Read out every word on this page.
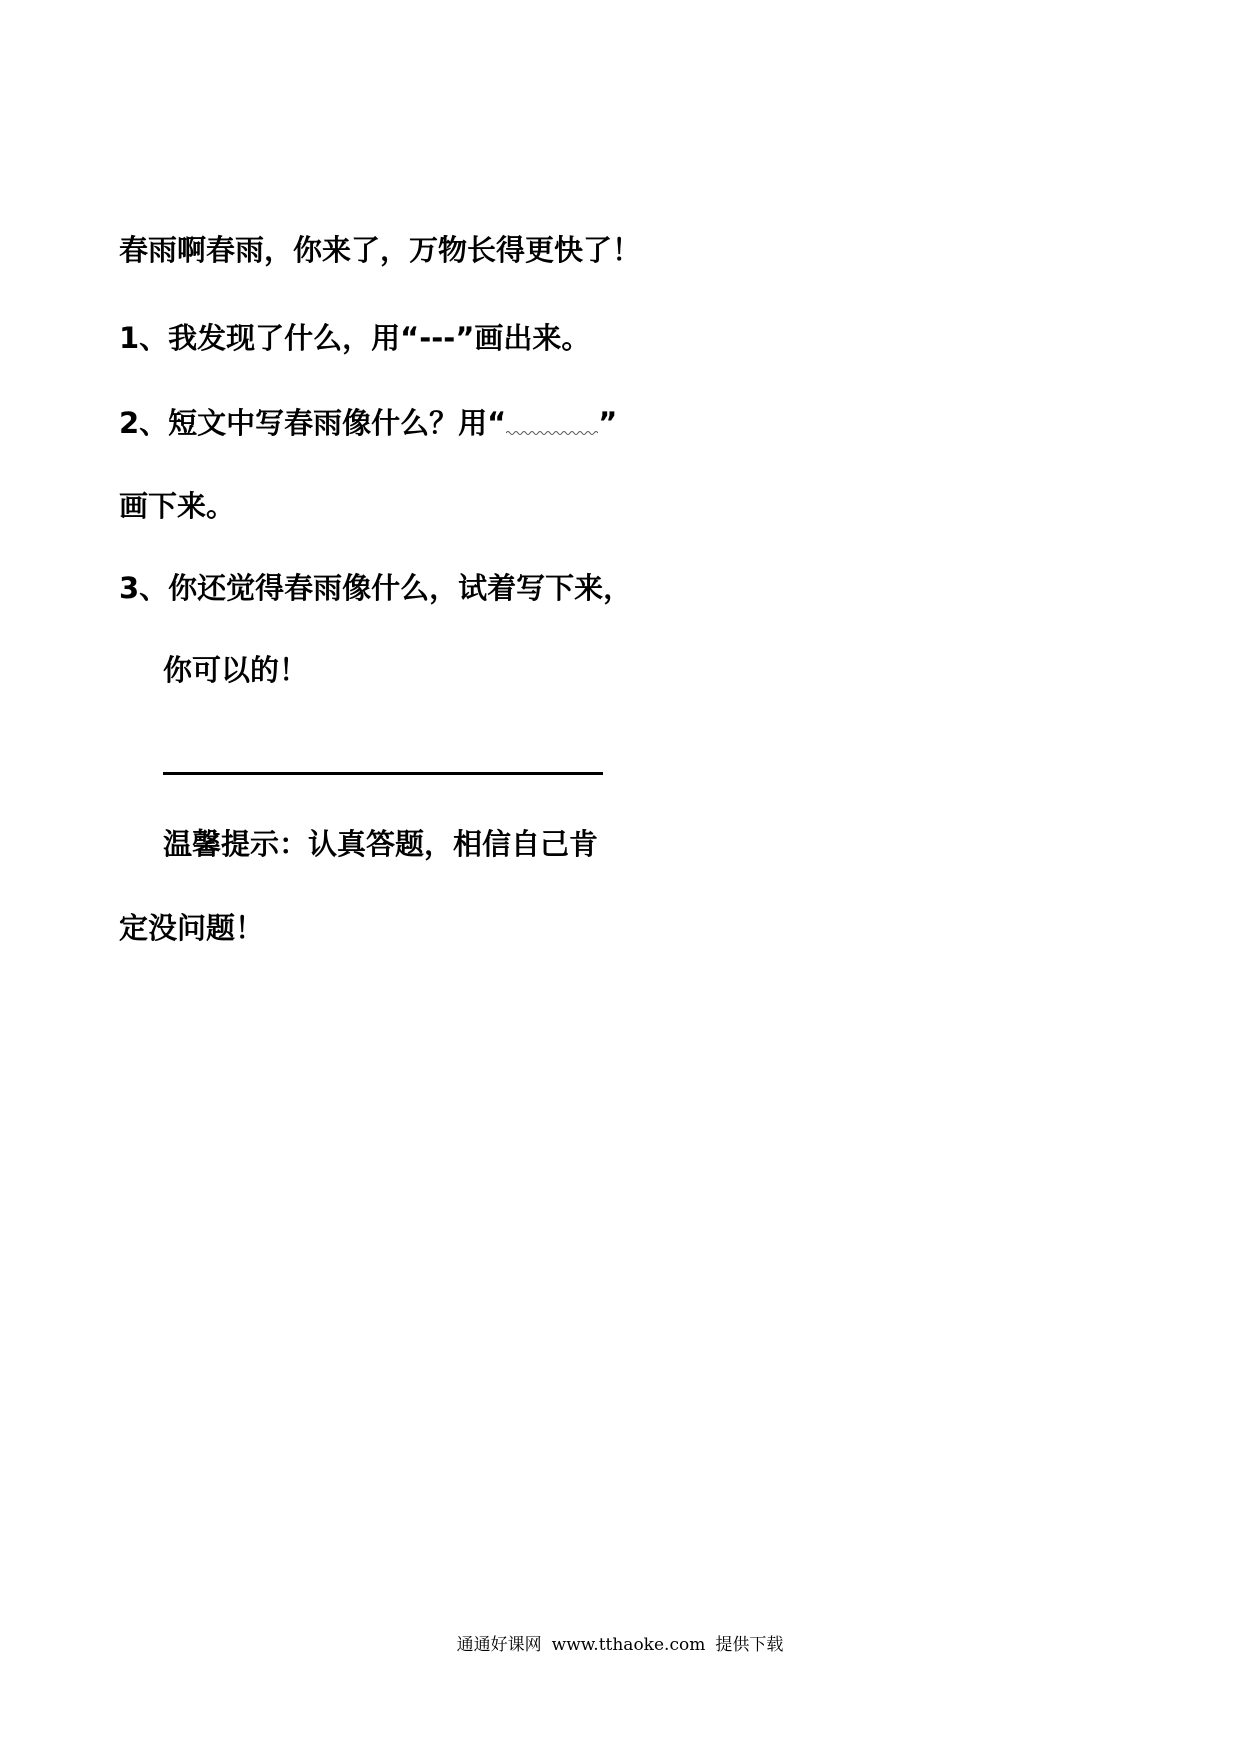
春雨啊春雨，你来了，万物长得更快了！

1、我发现了什么，用“---”画出来。

2、短文中写春雨像什么？用“	”

画下来。

3、你还觉得春雨像什么，试着写下来，

你可以的！

温馨提示：认真答题，相信自己肯

定没问题！

通通好课网 www.tthaoke.com 提供下载
